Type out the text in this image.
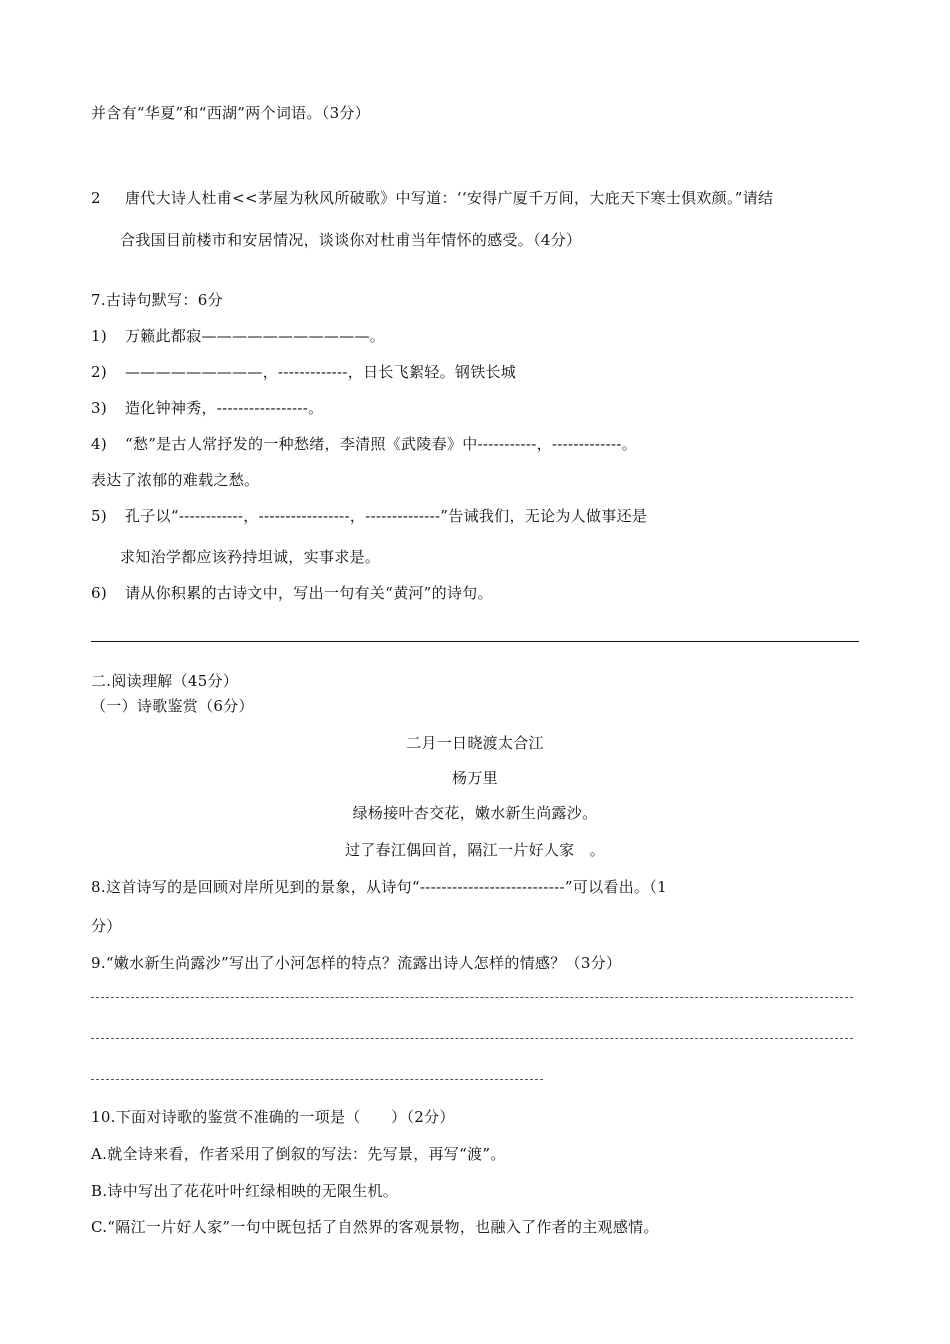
并含有“华夏”和“西湖”两个词语。（3分）
2 唐代大诗人杜甫<<茅屋为秋风所破歌》中写道：‘‘安得广厦千万间，大庇天下寒士俱欢颜。”请结
合我国目前楼市和安居情况，谈谈你对杜甫当年情怀的感受。（4分）
7.古诗句默写：6分
1) 万籁此都寂———————————。
2) —————————，-------------，日长飞絮轻。钢铁长城
3) 造化钟神秀，-----------------。
4) “愁”是古人常抒发的一种愁绪，李清照《武陵春》中-----------，-------------。
表达了浓郁的难载之愁。
5) 孔子以“------------，-----------------，--------------”告诫我们，无论为人做事还是
求知治学都应该矜持坦诚，实事求是。
6) 请从你积累的古诗文中，写出一句有关“黄河”的诗句。
二.阅读理解（45分）
（一）诗歌鉴赏（6分）
二月一日晓渡太合江
杨万里
绿杨接叶杏交花，嫩水新生尚露沙。
过了春江偶回首，隔江一片好人家　。
8.这首诗写的是回顾对岸所见到的景象，从诗句“---------------------------”可以看出。（1
分）
9.“嫩水新生尚露沙”写出了小河怎样的特点？流露出诗人怎样的情感？（3分）
10.下面对诗歌的鉴赏不准确的一项是（　　）（2分）
A.就全诗来看，作者采用了倒叙的写法：先写景，再写“渡”。
B.诗中写出了花花叶叶红绿相映的无限生机。
C.“隔江一片好人家”一句中既包括了自然界的客观景物，也融入了作者的主观感情。
